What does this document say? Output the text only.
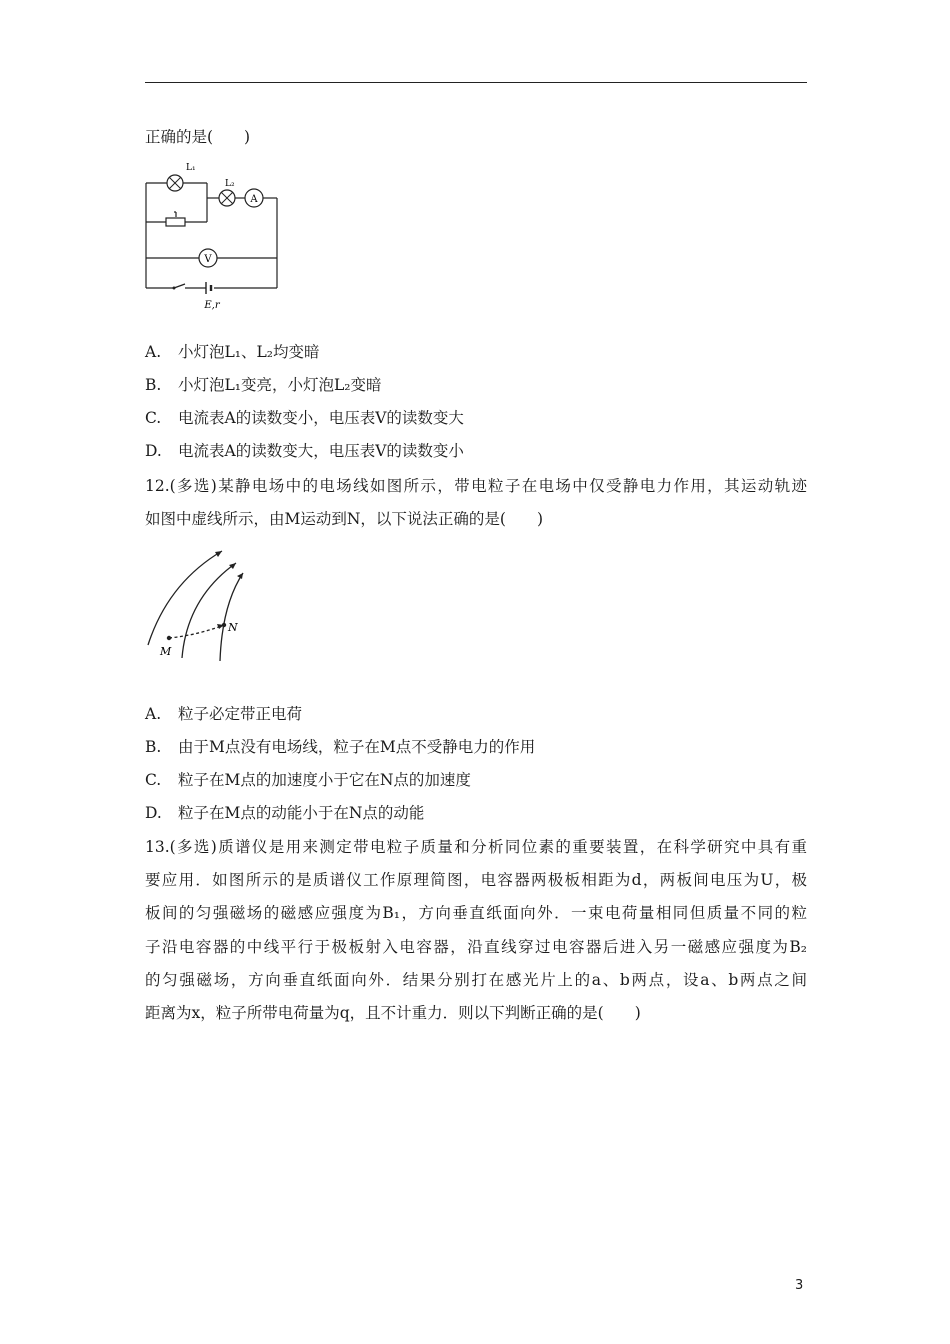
正确的是(　　)
L₁
L₂
A
V
E,r
A. 小灯泡L₁、L₂均变暗
B. 小灯泡L₁变亮，小灯泡L₂变暗
C. 电流表A的读数变小，电压表V的读数变大
D. 电流表A的读数变大，电压表V的读数变小
12.(多选)某静电场中的电场线如图所示，带电粒子在电场中仅受静电力作用，其运动轨迹
如图中虚线所示，由M运动到N，以下说法正确的是(　　)
M
N
A. 粒子必定带正电荷
B. 由于M点没有电场线，粒子在M点不受静电力的作用
C. 粒子在M点的加速度小于它在N点的加速度
D. 粒子在M点的动能小于在N点的动能
13.(多选)质谱仪是用来测定带电粒子质量和分析同位素的重要装置，在科学研究中具有重
要应用．如图所示的是质谱仪工作原理简图，电容器两极板相距为d，两板间电压为U，极
板间的匀强磁场的磁感应强度为B₁，方向垂直纸面向外．一束电荷量相同但质量不同的粒
子沿电容器的中线平行于极板射入电容器，沿直线穿过电容器后进入另一磁感应强度为B₂
的匀强磁场，方向垂直纸面向外．结果分别打在感光片上的a、b两点，设a、b两点之间
距离为x，粒子所带电荷量为q，且不计重力．则以下判断正确的是(　　)
3
